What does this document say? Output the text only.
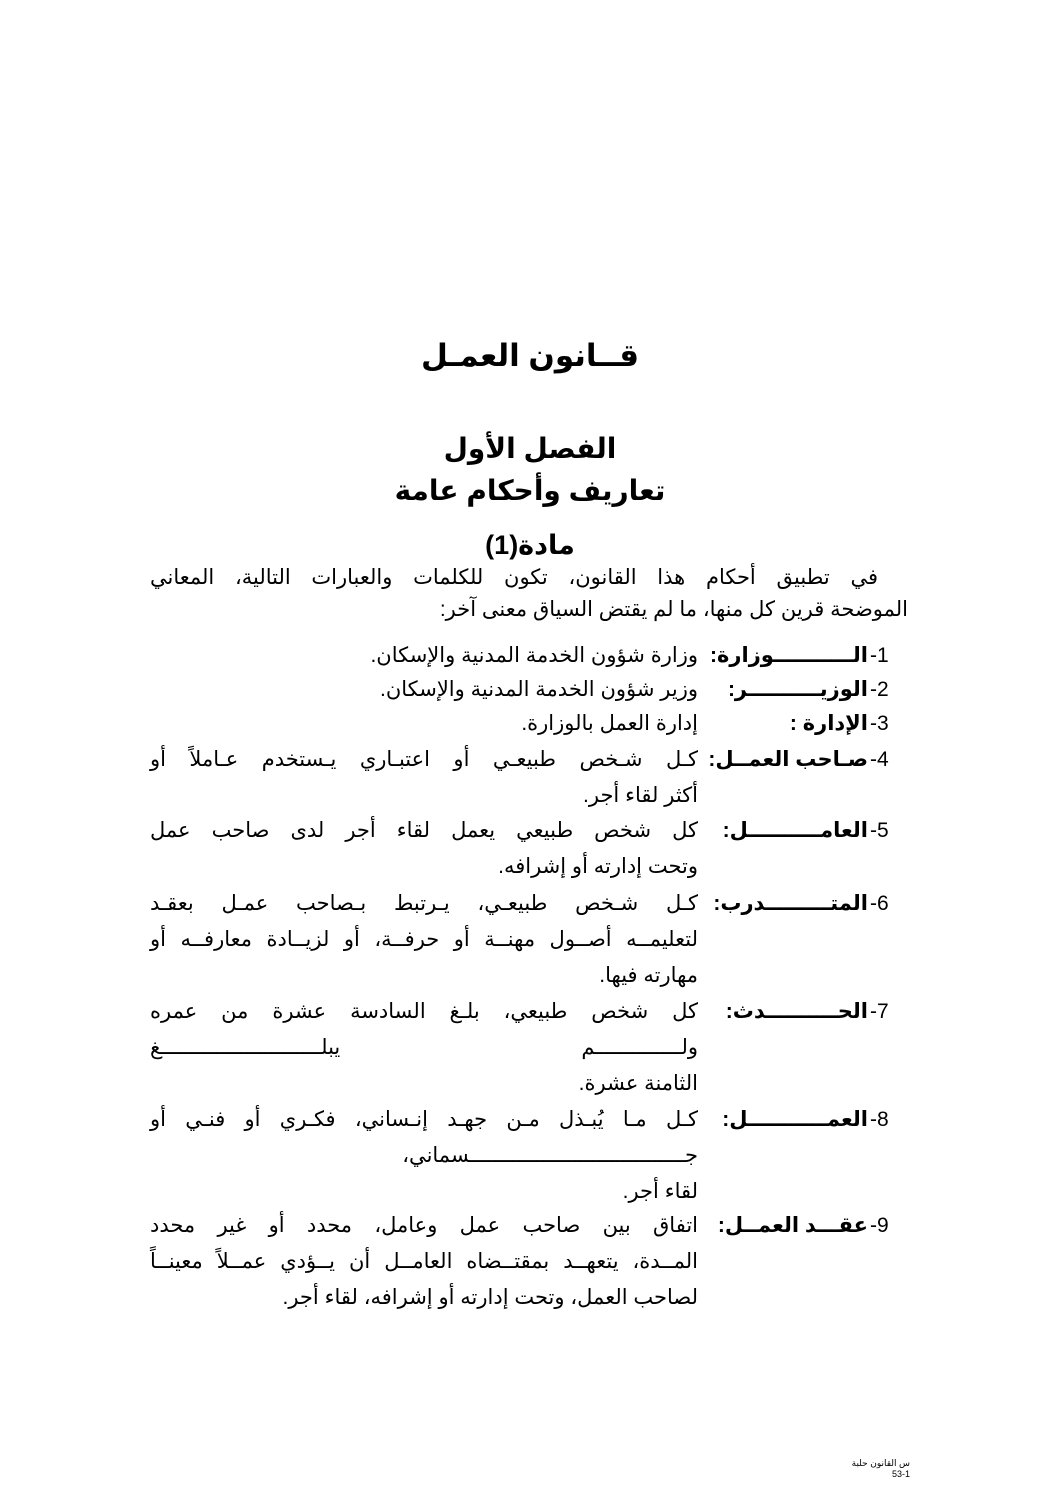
قــانون العمـل
الفصل الأول
تعاريف وأحكام عامة
مادة(1)
في تطبيق أحكام هذا القانون، تكون للكلمات والعبارات التالية، المعاني
الموضحة قرين كل منها، ما لم يقتض السياق معنى آخر:
-1
الـــــــــــوزارة:
وزارة شؤون الخدمة المدنية والإسكان.
-2
الوزيــــــــــر:
وزير شؤون الخدمة المدنية والإسكان.
-3
الإدارة :
إدارة العمل بالوزارة.
-4
صـاحب العمــل:
كـل شـخص طبيعـي أو اعتبـاري يـستخدم عـاملاً أو
أكثر لقاء أجر.
-5
العامــــــــــل:
كل شخص طبيعي يعمل لقاء أجر لدى صاحب عمل
وتحت إدارته أو إشرافه.
-6
المتـــــــــدرب:
كـل شـخص طبيعـي، يـرتبط بـصاحب عمـل بعقـد
لتعليمــه أصــول مهنــة أو حرفــة، أو لزيــادة معارفــه أو
مهارته فيها.
-7
الحــــــــــدث:
كل شخص طبيعي، بلـغ السادسة عشرة من عمره
ولــــــــــــــم يبلــــــــــــــــــــــــــغ
الثامنة عشرة.
-8
العمـــــــــــل:
كـل مـا يُبـذل مـن جهـد إنـساني، فكـري أو فنـي أو
جـــــــــــــــــــــــــــــــــــسماني،
لقاء أجر.
-9
عقـــد العمــل:
اتفاق بين صاحب عمل وعامل، محدد أو غير محدد
المــدة، يتعهــد بمقتــضاه العامــل أن يــؤدي عمــلاً معينــاً
لصاحب العمل، وتحت إدارته أو إشرافه، لقاء أجر.
س القانون حلبة
53-1
